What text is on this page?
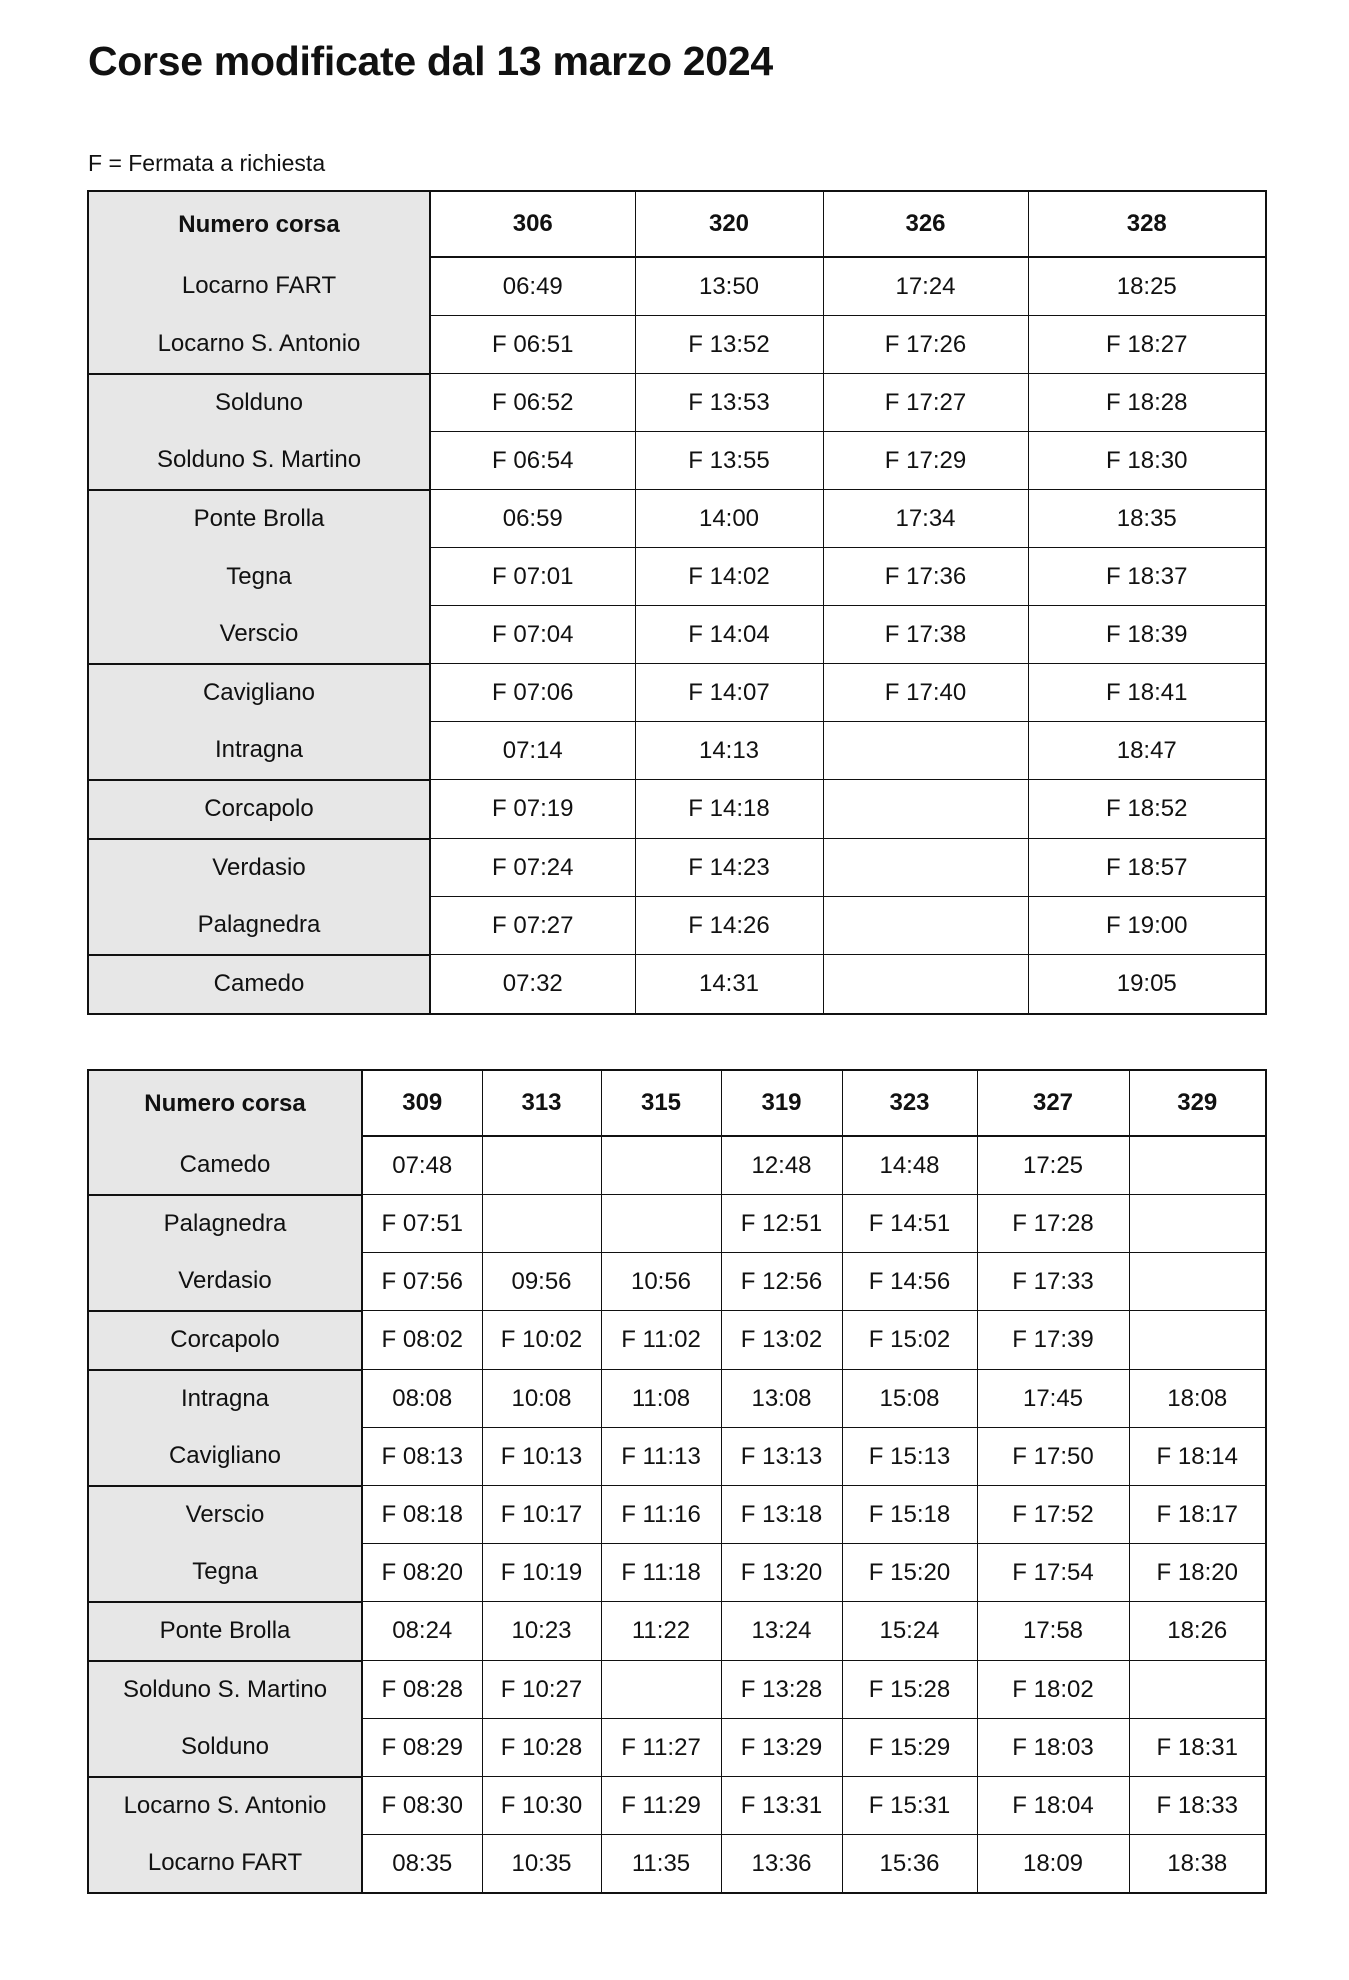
Corse modificate dal 13 marzo 2024

F = Fermata a richiesta

Numero corsa	306	320	326	328
Locarno FART	06:49	13:50	17:24	18:25
Locarno S. Antonio	F 06:51	F 13:52	F 17:26	F 18:27
Solduno	F 06:52	F 13:53	F 17:27	F 18:28
Solduno S. Martino	F 06:54	F 13:55	F 17:29	F 18:30
Ponte Brolla	06:59	14:00	17:34	18:35
Tegna	F 07:01	F 14:02	F 17:36	F 18:37
Verscio	F 07:04	F 14:04	F 17:38	F 18:39
Cavigliano	F 07:06	F 14:07	F 17:40	F 18:41
Intragna	07:14	14:13		18:47
Corcapolo	F 07:19	F 14:18		F 18:52
Verdasio	F 07:24	F 14:23		F 18:57
Palagnedra	F 07:27	F 14:26		F 19:00
Camedo	07:32	14:31		19:05
Numero corsa	309	313	315	319	323	327	329
Camedo	07:48			12:48	14:48	17:25	
Palagnedra	F 07:51			F 12:51	F 14:51	F 17:28	
Verdasio	F 07:56	09:56	10:56	F 12:56	F 14:56	F 17:33	
Corcapolo	F 08:02	F 10:02	F 11:02	F 13:02	F 15:02	F 17:39	
Intragna	08:08	10:08	11:08	13:08	15:08	17:45	18:08
Cavigliano	F 08:13	F 10:13	F 11:13	F 13:13	F 15:13	F 17:50	F 18:14
Verscio	F 08:18	F 10:17	F 11:16	F 13:18	F 15:18	F 17:52	F 18:17
Tegna	F 08:20	F 10:19	F 11:18	F 13:20	F 15:20	F 17:54	F 18:20
Ponte Brolla	08:24	10:23	11:22	13:24	15:24	17:58	18:26
Solduno S. Martino	F 08:28	F 10:27		F 13:28	F 15:28	F 18:02	
Solduno	F 08:29	F 10:28	F 11:27	F 13:29	F 15:29	F 18:03	F 18:31
Locarno S. Antonio	F 08:30	F 10:30	F 11:29	F 13:31	F 15:31	F 18:04	F 18:33
Locarno FART	08:35	10:35	11:35	13:36	15:36	18:09	18:38
